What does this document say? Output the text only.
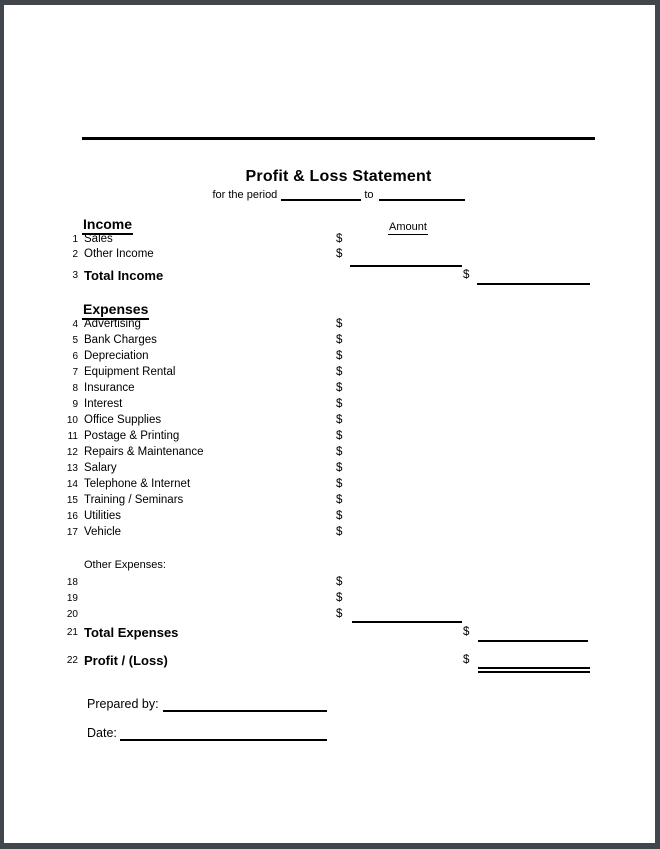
Profit & Loss Statement
for the period	to
Income	Amount
1 Sales	$
2 Other Income	$
3 Total Income	$
Expenses
4 Advertising	$
5 Bank Charges	$
6 Depreciation	$
7 Equipment Rental	$
8 Insurance	$
9 Interest	$
10 Office Supplies	$
11 Postage & Printing	$
12 Repairs & Maintenance	$
13 Salary	$
14 Telephone & Internet	$
15 Training / Seminars	$
16 Utilities	$
17 Vehicle	$
Other Expenses:
18	$
19	$
20	$
21 Total Expenses	$
22 Profit / (Loss)	$
Prepared by:
Date:
